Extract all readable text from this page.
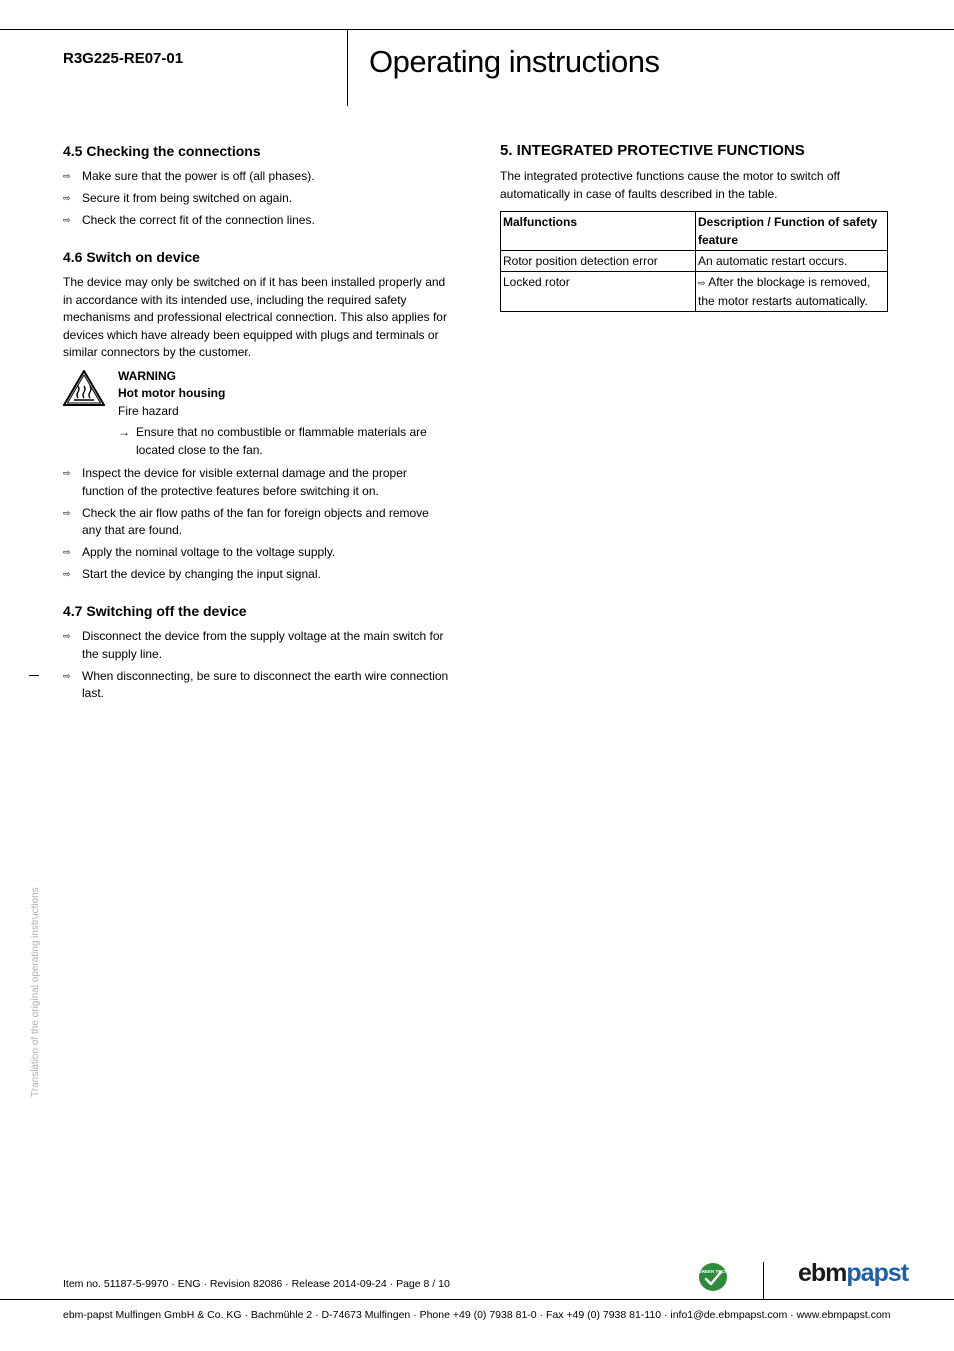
R3G225-RE07-01	Operating instructions
4.5 Checking the connections
⇨ Make sure that the power is off (all phases).
⇨ Secure it from being switched on again.
⇨ Check the correct fit of the connection lines.
4.6 Switch on device

The device may only be switched on if it has been installed properly and in accordance with its intended use, including the required safety mechanisms and professional electrical connection. This also applies for devices which have already been equipped with plugs and terminals or similar connectors by the customer.

WARNING
Hot motor housing
Fire hazard
→ Ensure that no combustible or flammable materials are located close to the fan.
⇨ Inspect the device for visible external damage and the proper function of the protective features before switching it on.
⇨ Check the air flow paths of the fan for foreign objects and remove any that are found.
⇨ Apply the nominal voltage to the voltage supply.
⇨ Start the device by changing the input signal.
4.7 Switching off the device
⇨ Disconnect the device from the supply voltage at the main switch for the supply line.
⇨ When disconnecting, be sure to disconnect the earth wire connection last.
5. INTEGRATED PROTECTIVE FUNCTIONS

The integrated protective functions cause the motor to switch off automatically in case of faults described in the table.

Malfunctions	Description / Function of safety feature
Rotor position detection error	An automatic restart occurs.
Locked rotor	⇨ After the blockage is removed, the motor restarts automatically.
Translation of the original operating instructions
Item no. 51187-5-9970 · ENG · Revision 82086 · Release 2014-09-24 · Page 8 / 10
GREEN TECH	ebmpapst
ebm-papst Mulfingen GmbH & Co. KG · Bachmühle 2 · D-74673 Mulfingen · Phone +49 (0) 7938 81-0 · Fax +49 (0) 7938 81-110 · info1@de.ebmpapst.com · www.ebmpapst.com
